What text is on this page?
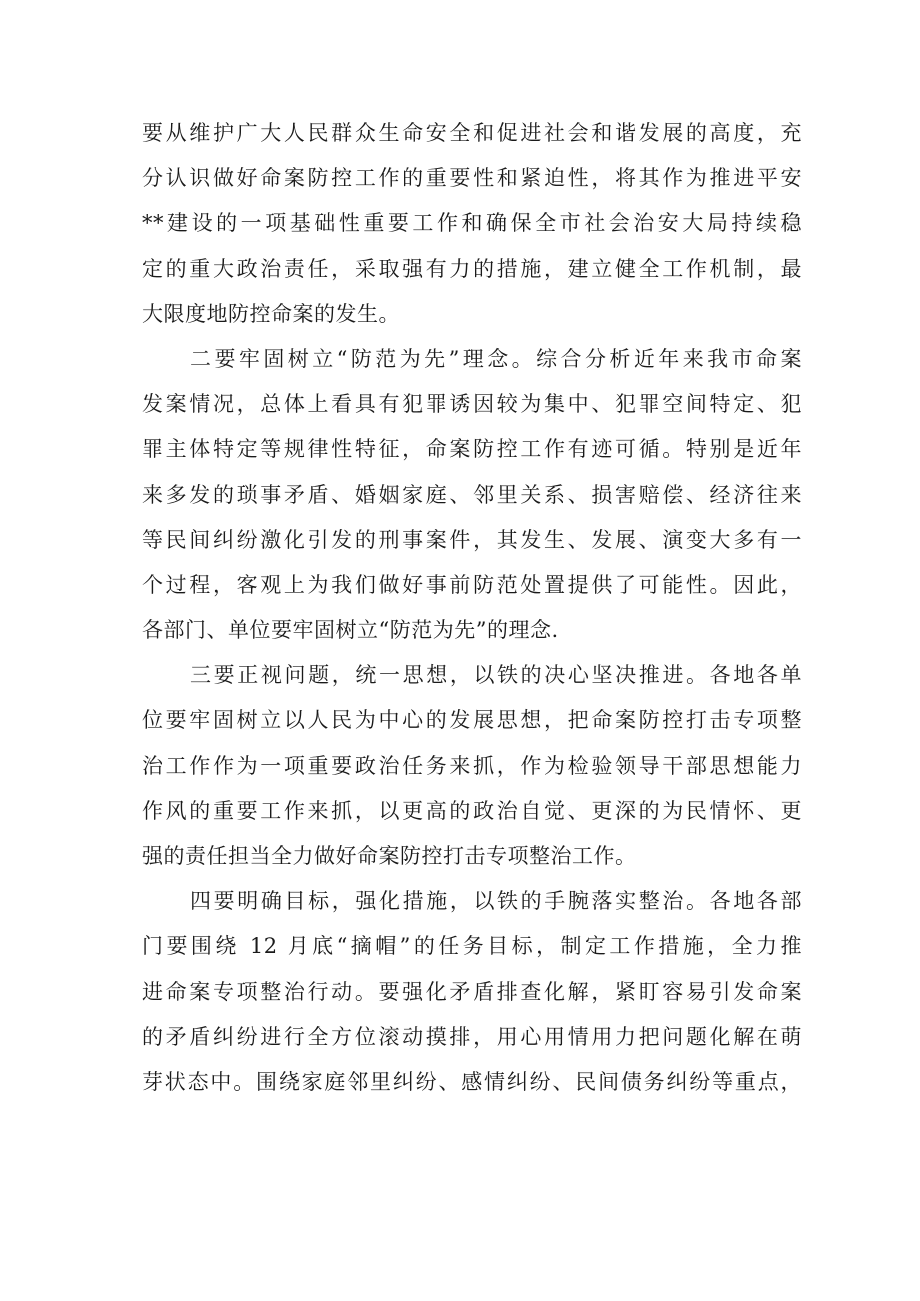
要从维护广大人民群众生命安全和促进社会和谐发展的高度，充
分认识做好命案防控工作的重要性和紧迫性，将其作为推进平安
**建设的一项基础性重要工作和确保全市社会治安大局持续稳
定的重大政治责任，采取强有力的措施，建立健全工作机制，最
大限度地防控命案的发生。
二要牢固树立“防范为先”理念。综合分析近年来我市命案
发案情况，总体上看具有犯罪诱因较为集中、犯罪空间特定、犯
罪主体特定等规律性特征，命案防控工作有迹可循。特别是近年
来多发的琐事矛盾、婚姻家庭、邻里关系、损害赔偿、经济往来
等民间纠纷激化引发的刑事案件，其发生、发展、演变大多有一
个过程，客观上为我们做好事前防范处置提供了可能性。因此，
各部门、单位要牢固树立“防范为先”的理念.
三要正视问题，统一思想，以铁的决心坚决推进。各地各单
位要牢固树立以人民为中心的发展思想，把命案防控打击专项整
治工作作为一项重要政治任务来抓，作为检验领导干部思想能力
作风的重要工作来抓，以更高的政治自觉、更深的为民情怀、更
强的责任担当全力做好命案防控打击专项整治工作。
四要明确目标，强化措施，以铁的手腕落实整治。各地各部
门要围绕 12 月底“摘帽”的任务目标，制定工作措施，全力推
进命案专项整治行动。要强化矛盾排查化解，紧盯容易引发命案
的矛盾纠纷进行全方位滚动摸排，用心用情用力把问题化解在萌
芽状态中。围绕家庭邻里纠纷、感情纠纷、民间债务纠纷等重点，
